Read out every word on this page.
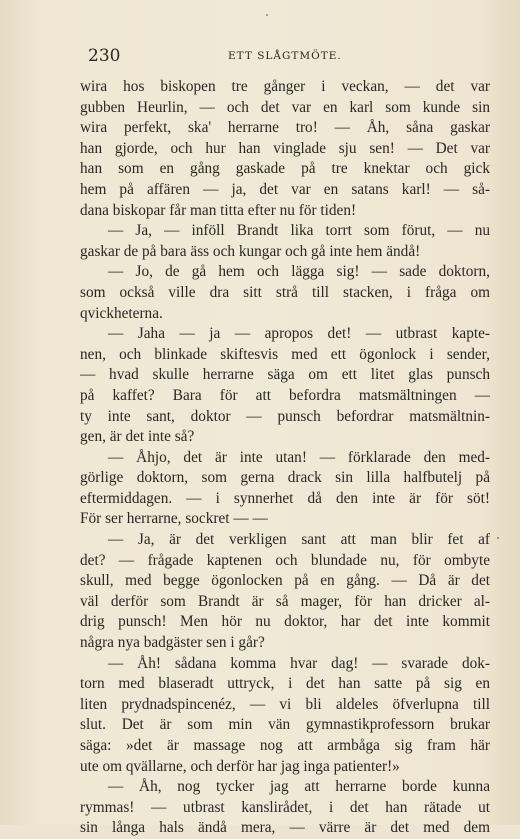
230	ETT SLÅGTMÖTE.
wira hos biskopen tre gånger i veckan, — det var
gubben Heurlin, — och det var en karl som kunde sin
wira perfekt, ska' herrarne tro! — Åh, såna gaskar
han gjorde, och hur han vinglade sju sen! — Det var
han som en gång gaskade på tre knektar och gick
hem på affären — ja, det var en satans karl! — så-
dana biskopar får man titta efter nu för tiden!
— Ja, — inföll Brandt lika torrt som förut, — nu
gaskar de på bara äss och kungar och gå inte hem ändå!
— Jo, de gå hem och lägga sig! — sade doktorn,
som också ville dra sitt strå till stacken, i fråga om
qvickheterna.
— Jaha — ja — apropos det! — utbrast kapte-
nen, och blinkade skiftesvis med ett ögonlock i sender,
— hvad skulle herrarne säga om ett litet glas punsch
på kaffet? Bara för att befordra matsmältningen —
ty inte sant, doktor — punsch befordrar matsmältnin-
gen, är det inte så?
— Åhjo, det är inte utan! — förklarade den med-
görlige doktorn, som gerna drack sin lilla halfbutelj på
eftermiddagen. — i synnerhet då den inte är för söt!
För ser herrarne, sockret — —
— Ja, är det verkligen sant att man blir fet af
det? — frågade kaptenen och blundade nu, för ombyte
skull, med begge ögonlocken på en gång. — Då är det
väl derför som Brandt är så mager, för han dricker al-
drig punsch! Men hör nu doktor, har det inte kommit
några nya badgäster sen i går?
— Åh! sådana komma hvar dag! — svarade dok-
torn med blaseradt uttryck, i det han satte på sig en
liten prydnadspincenéz, — vi bli aldeles öfverlupna till
slut. Det är som min vän gymnastikprofessorn brukar
säga: »det är massage nog att armbåga sig fram här
ute om qvällarne, och derför har jag inga patienter!»
— Åh, nog tycker jag att herrarne borde kunna
rymmas! — utbrast kanslirådet, i det han rätade ut
sin långa hals ändå mera, — värre är det med dem
